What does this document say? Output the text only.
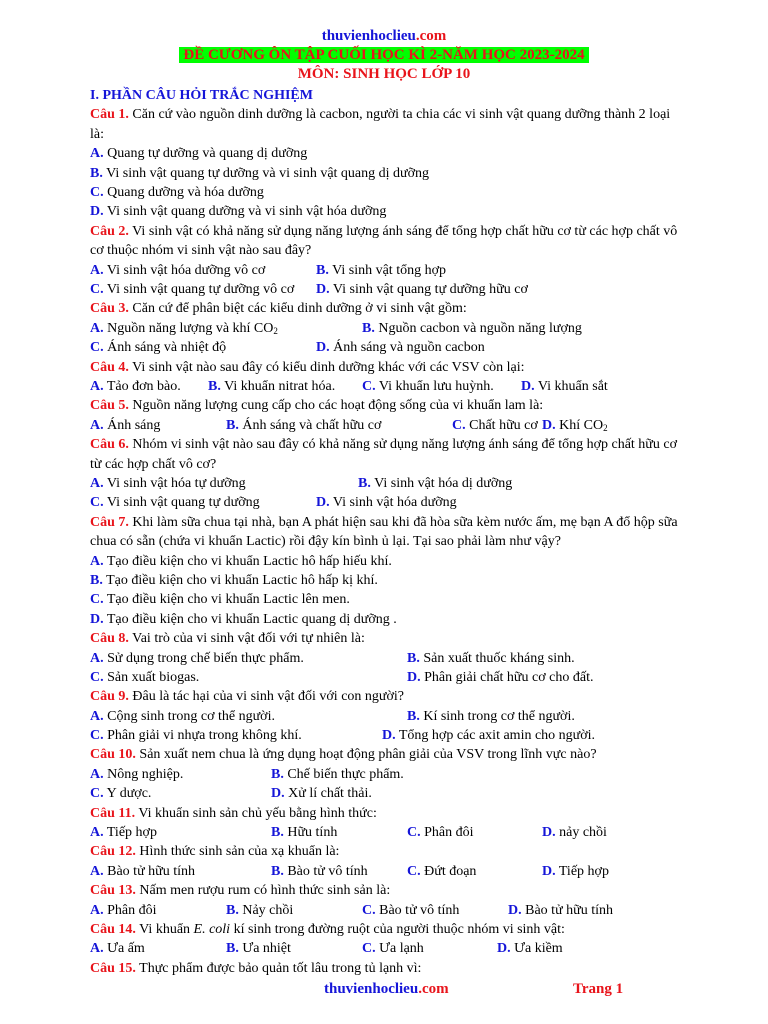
thuvienhoclieu.com
ĐỀ CƯƠNG ÔN TẬP CUỐI HỌC KÌ 2-NĂM HỌC 2023-2024
MÔN: SINH HỌC LỚP 10
I. PHẦN CÂU HỎI TRẮC NGHIỆM
Câu 1. Căn cứ vào nguồn dinh dưỡng là cacbon, người ta chia các vi sinh vật quang dưỡng thành 2 loại là:
A. Quang tự dưỡng và quang dị dưỡng
B. Vi sinh vật quang tự dưỡng và vi sinh vật quang dị dưỡng
C. Quang dưỡng và hóa dưỡng
D. Vi sinh vật quang dưỡng và vi sinh vật hóa dưỡng
Câu 2. Vi sinh vật có khả năng sử dụng năng lượng ánh sáng để tổng hợp chất hữu cơ từ các hợp chất vô cơ thuộc nhóm vi sinh vật nào sau đây?
A. Vi sinh vật hóa dưỡng vô cơ	B. Vi sinh vật tổng hợp
C. Vi sinh vật quang tự dưỡng vô cơ D. Vi sinh vật quang tự dưỡng hữu cơ
Câu 3. Căn cứ để phân biệt các kiểu dinh dưỡng ở vi sinh vật gồm:
A. Nguồn năng lượng và khí $CO_2$	B. Nguồn cacbon và nguồn năng lượng
C. Ánh sáng và nhiệt độ	D. Ánh sáng và nguồn cacbon
Câu 4. Vi sinh vật nào sau đây có kiểu dinh dưỡng khác với các VSV còn lại:
A. Tảo đơn bào. B. Vi khuẩn nitrat hóa. C. Vi khuẩn lưu huỳnh. D. Vi khuẩn sắt
Câu 5. Nguồn năng lượng cung cấp cho các hoạt động sống của vi khuẩn lam là:
A. Ánh sáng	B. Ánh sáng và chất hữu cơ	C. Chất hữu cơ D. Khí $CO_2$
Câu 6. Nhóm vi sinh vật nào sau đây có khả năng sử dụng năng lượng ánh sáng để tổng hợp chất hữu cơ từ các hợp chất vô cơ?
A. Vi sinh vật hóa tự dưỡng	B. Vi sinh vật hóa dị dưỡng
C. Vi sinh vật quang tự dưỡng	D. Vi sinh vật hóa dưỡng
Câu 7. Khi làm sữa chua tại nhà, bạn A phát hiện sau khi đã hòa sữa kèm nước ấm, mẹ bạn A đổ hộp sữa chua có sẵn (chứa vi khuẩn Lactic) rồi đậy kín bình ủ lại. Tại sao phải làm như vậy?
A. Tạo điều kiện cho vi khuẩn Lactic hô hấp hiếu khí.
B. Tạo điều kiện cho vi khuẩn Lactic hô hấp kị khí.
C. Tạo điều kiện cho vi khuẩn Lactic lên men.
D. Tạo điều kiện cho vi khuẩn Lactic quang dị dưỡng .
Câu 8. Vai trò của vi sinh vật đối với tự nhiên là:
A. Sử dụng trong chế biến thực phẩm.	B. Sản xuất thuốc kháng sinh.
C. Sản xuất biogas.	D. Phân giải chất hữu cơ cho đất.
Câu 9. Đâu là tác hại của vi sinh vật đối với con người?
A. Cộng sinh trong cơ thể người.	B. Kí sinh trong cơ thể người.
C. Phân giải vi nhựa trong không khí.	D. Tổng hợp các axit amin cho người.
Câu 10. Sản xuất nem chua là ứng dụng hoạt động phân giải của VSV trong lĩnh vực nào?
A. Nông nghiệp.	B. Chế biến thực phẩm.
C. Y dược.	D. Xử lí chất thải.
Câu 11. Vi khuẩn sinh sản chủ yếu bằng hình thức:
A. Tiếp hợp	B. Hữu tính	C. Phân đôi	D. nảy chồi
Câu 12. Hình thức sinh sản của xạ khuẩn là:
A. Bào tử hữu tính	B. Bào tử vô tính	C. Đứt đoạn	D. Tiếp hợp
Câu 13. Nấm men rượu rum có hình thức sinh sản là:
A. Phân đôi	B. Nảy chồi	C. Bào tử vô tính	D. Bào tử hữu tính
Câu 14. Vi khuẩn E. coli kí sinh trong đường ruột của người thuộc nhóm vi sinh vật:
A. Ưa ấm	B. Ưa nhiệt	C. Ưa lạnh	D. Ưa kiềm
Câu 15. Thực phẩm được bảo quản tốt lâu trong tủ lạnh vì:
thuvienhoclieu.com	Trang 1
